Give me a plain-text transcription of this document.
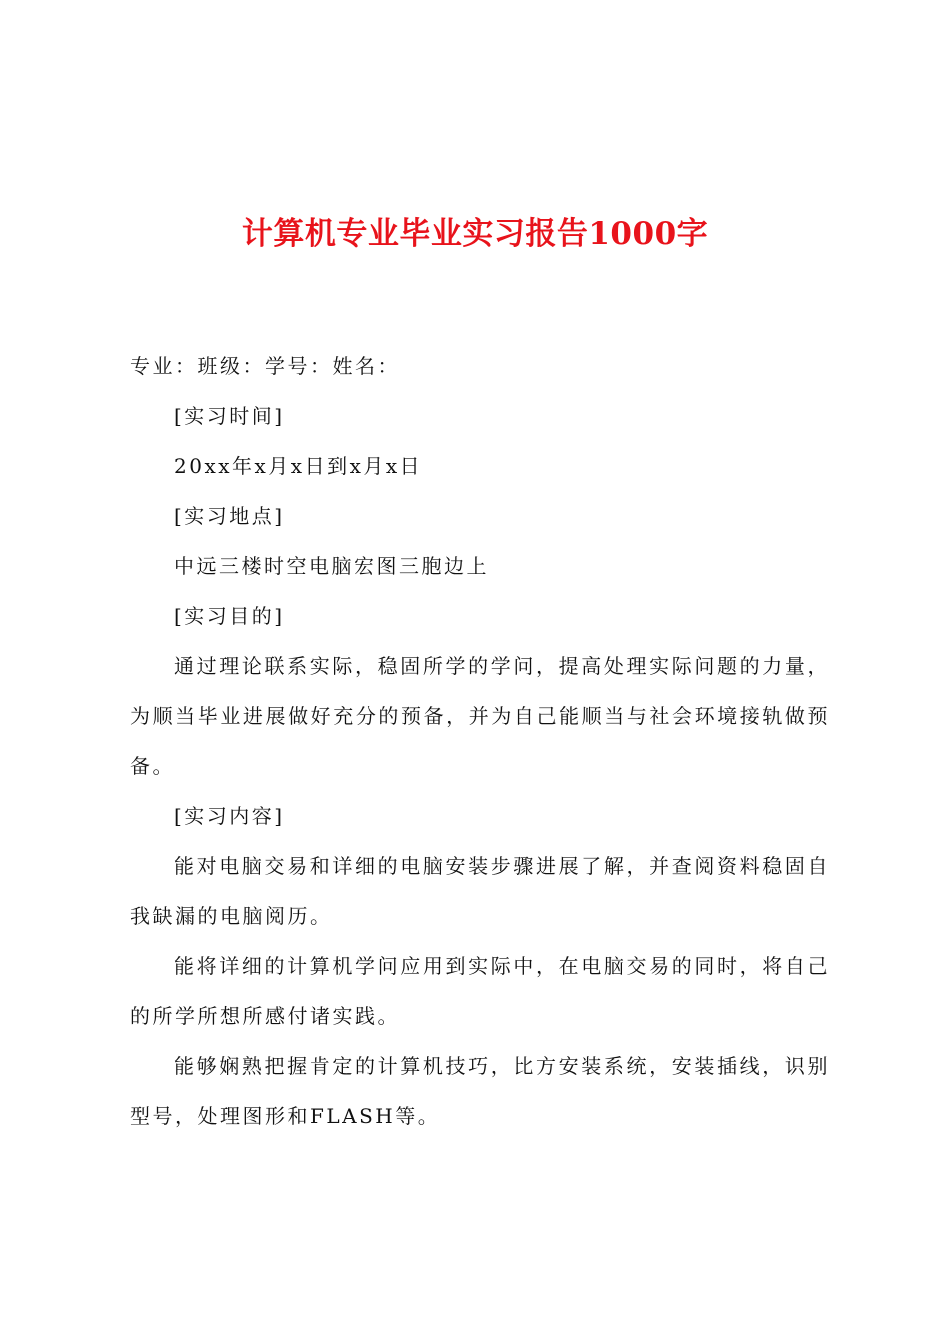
计算机专业毕业实习报告1000字

专业：班级：学号：姓名：

[实习时间]

20xx年x月x日到x月x日

[实习地点]

中远三楼时空电脑宏图三胞边上

[实习目的]

通过理论联系实际，稳固所学的学问，提高处理实际问题的力量，为顺当毕业进展做好充分的预备，并为自己能顺当与社会环境接轨做预备。

[实习内容]

能对电脑交易和详细的电脑安装步骤进展了解，并查阅资料稳固自我缺漏的电脑阅历。

能将详细的计算机学问应用到实际中，在电脑交易的同时，将自己的所学所想所感付诸实践。

能够娴熟把握肯定的计算机技巧，比方安装系统，安装插线，识别型号，处理图形和FLASH等。
